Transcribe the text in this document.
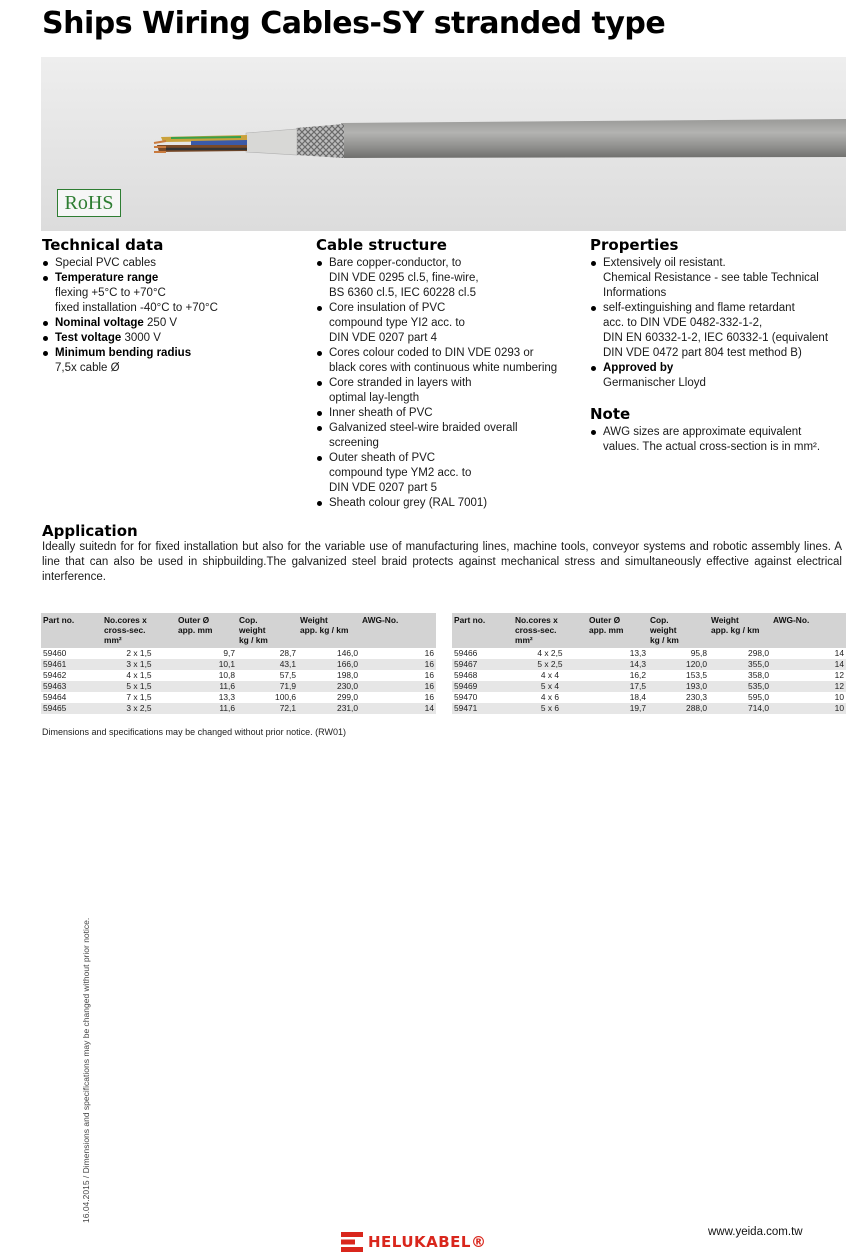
Ships Wiring Cables-SY stranded type
RoHS
Technical data
Special PVC cables
Temperature range
flexing +5°C to +70°C
fixed installation -40°C to +70°C
Nominal voltage 250 V
Test voltage 3000 V
Minimum bending radius
7,5x cable Ø
Cable structure
Bare copper-conductor, to
DIN VDE 0295 cl.5, fine-wire,
BS 6360 cl.5, IEC 60228 cl.5
Core insulation of PVC
compound type YI2 acc. to
DIN VDE 0207 part 4
Cores colour coded to DIN VDE 0293 or
black cores with continuous white numbering
Core stranded in layers with
optimal lay-length
Inner sheath of PVC
Galvanized steel-wire braided overall
screening
Outer sheath of PVC
compound type YM2 acc. to
DIN VDE 0207 part 5
Sheath colour grey (RAL 7001)
Properties
Extensively oil resistant.
Chemical Resistance - see table Technical
Informations
self-extinguishing and flame retardant
acc. to DIN VDE 0482-332-1-2,
DIN EN 60332-1-2, IEC 60332-1 (equivalent
DIN VDE 0472 part 804 test method B)
Approved by
Germanischer Lloyd
Note
AWG sizes are approximate equivalent
values. The actual cross-section is in mm².
Application

Ideally suitedn for for fixed installation but also for the variable use of manufacturing lines, machine tools, conveyor systems and robotic assembly lines. A line that can also be used in shipbuilding.The galvanized steel braid protects against mechanical stress and simultaneously effective against electrical interference.

Part no.	No.cores x
cross-sec.
mm²	Outer Ø
app. mm	Cop.
weight
kg / km	Weight
app. kg / km	AWG-No.
59460	2 x 1,5	9,7	28,7	146,0	16
59461	3 x 1,5	10,1	43,1	166,0	16
59462	4 x 1,5	10,8	57,5	198,0	16
59463	5 x 1,5	11,6	71,9	230,0	16
59464	7 x 1,5	13,3	100,6	299,0	16
59465	3 x 2,5	11,6	72,1	231,0	14
Part no.	No.cores x
cross-sec.
mm²	Outer Ø
app. mm	Cop.
weight
kg / km	Weight
app. kg / km	AWG-No.
59466	4 x 2,5	13,3	95,8	298,0	14
59467	5 x 2,5	14,3	120,0	355,0	14
59468	4 x 4	16,2	153,5	358,0	12
59469	5 x 4	17,5	193,0	535,0	12
59470	4 x 6	18,4	230,3	595,0	10
59471	5 x 6	19,7	288,0	714,0	10
Dimensions and specifications may be changed without prior notice. (RW01)
16.04.2015 / Dimensions and specifications may be changed without prior notice.
www.yeida.com.tw
HELUKABEL®
